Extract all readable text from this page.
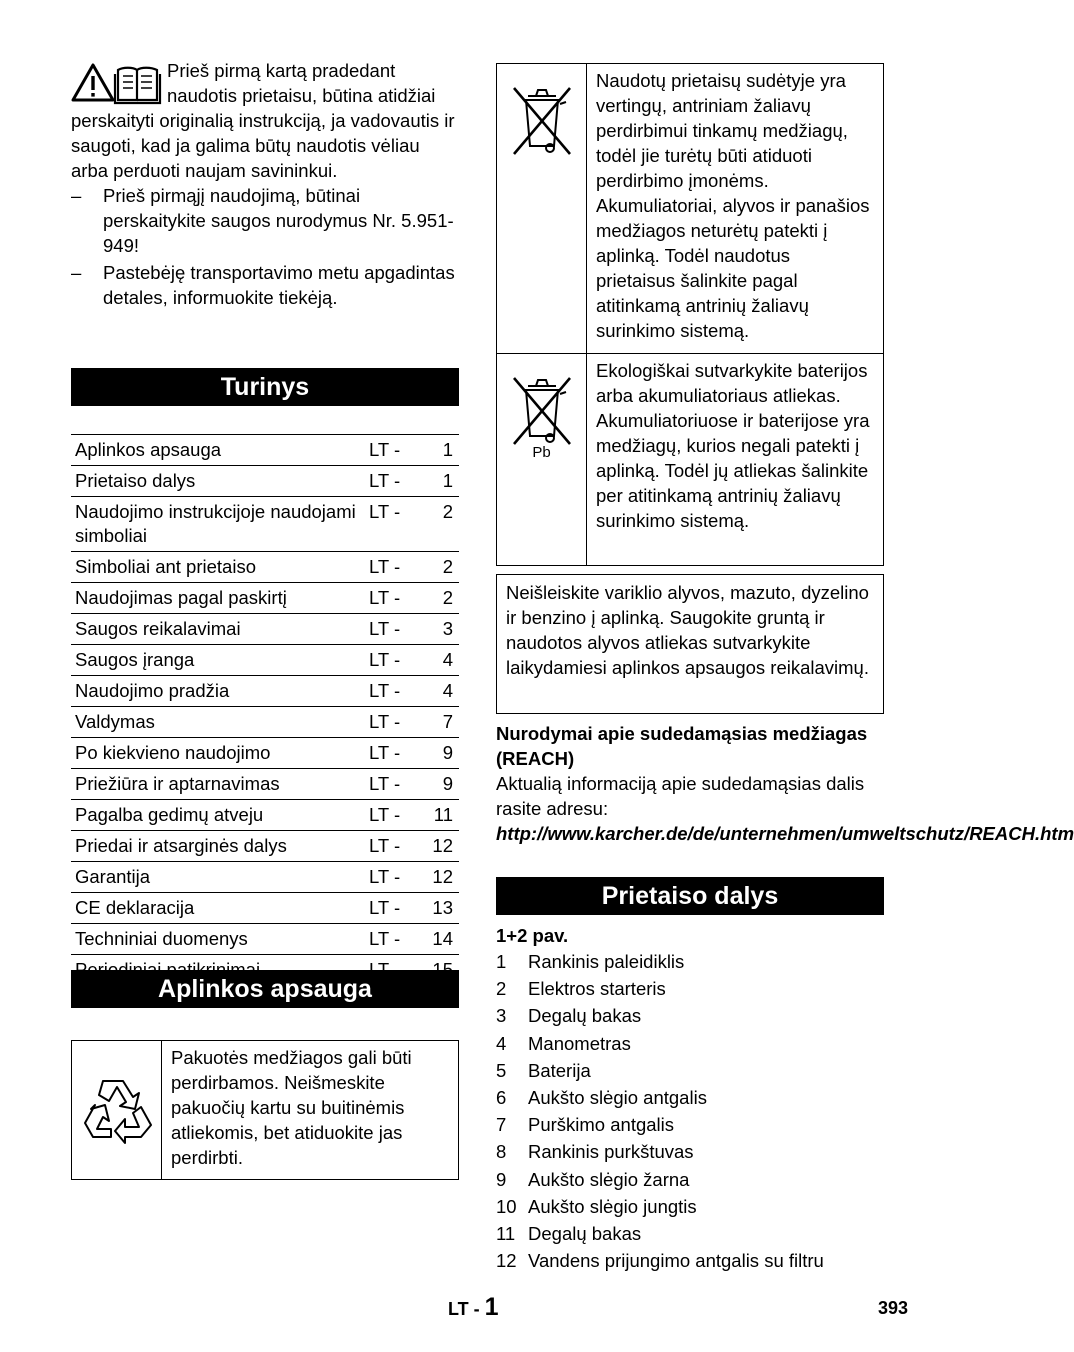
Prieš pirmą kartą pradedant naudotis prietaisu, būtina atidžiai perskaityti originalią instrukciją, ja vadovautis ir saugoti, kad ja galima būtų naudotis vėliau arba perduoti naujam savininkui.

– Prieš pirmąjį naudojimą, būtinai perskaitykite saugos nurodymus Nr. 5.951-949!
– Pastebėję transportavimo metu apgadintas detales, informuokite tiekėją.
Turinys
Aplinkos apsauga	LT -	1
Prietaiso dalys	LT -	1
Naudojimo instrukcijoje naudojami simboliai	LT -	2
Simboliai ant prietaiso	LT -	2
Naudojimas pagal paskirtį	LT -	2
Saugos reikalavimai	LT -	3
Saugos įranga	LT -	4
Naudojimo pradžia	LT -	4
Valdymas	LT -	7
Po kiekvieno naudojimo	LT -	9
Priežiūra ir aptarnavimas	LT -	9
Pagalba gedimų atveju	LT -	11
Priedai ir atsarginės dalys	LT -	12
Garantija	LT -	12
CE deklaracija	LT -	13
Techniniai duomenys	LT -	14

Aplinkos apsauga
Pakuotės medžiagos gali būti perdirbamos. Neišmeskite pakuočių kartu su buitinėmis atliekomis, bet atiduokite jas perdirbti.
Naudotų prietaisų sudėtyje yra vertingų, antriniam žaliavų perdirbimui tinkamų medžiagų, todėl jie turėtų būti atiduoti perdirbimo įmonėms. Akumuliatoriai, alyvos ir panašios medžiagos neturėtų patekti į aplinką. Todėl naudotus prietaisus šalinkite pagal atitinkamą antrinių žaliavų surinkimo sistemą.
Pb
Ekologiškai sutvarkykite baterijos arba akumuliatoriaus atliekas. Akumuliatoriuose ir baterijose yra medžiagų, kurios negali patekti į aplinką. Todėl jų atliekas šalinkite per atitinkamą antrinių žaliavų surinkimo sistemą.
Neišleiskite variklio alyvos, mazuto, dyzelino ir benzino į aplinką. Saugokite gruntą ir naudotos alyvos atliekas sutvarkykite laikydamiesi aplinkos apsaugos reikalavimų.
Nurodymai apie sudedamąsias medžiagas (REACH)
Aktualią informaciją apie sudedamąsias dalis rasite adresu:
http://www.karcher.de/de/unternehmen/umweltschutz/REACH.htm
Prietaiso dalys
1+2 pav.
1	Rankinis paleidiklis
2	Elektros starteris
3	Degalų bakas
4	Manometras
5	Baterija
6	Aukšto slėgio antgalis
7	Purškimo antgalis
8	Rankinis purkštuvas
9	Aukšto slėgio žarna
10 Aukšto slėgio jungtis
11 Degalų bakas
12 Vandens prijungimo antgalis su filtru
LT - 1	393
